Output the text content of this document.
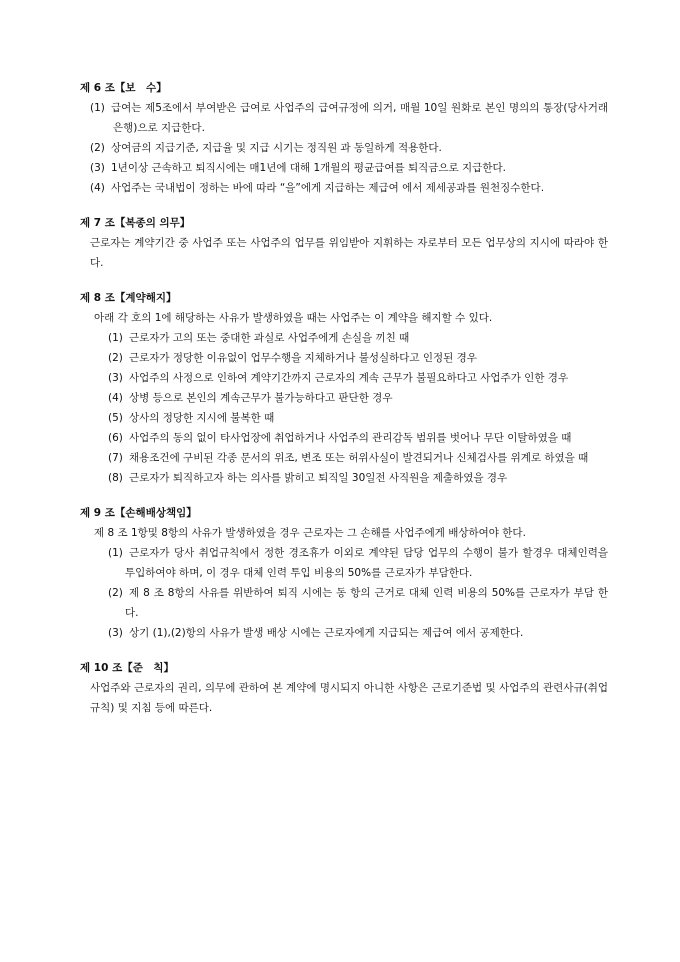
제 6 조【보　수】
(1) 급여는 제5조에서 부여받은 급여로 사업주의 급여규정에 의거, 매월 10일 원화로 본인 명의의 통장(당사거래은행)으로 지급한다.
(2) 상여금의 지급기준, 지급율 및 지급 시기는 정직원 과 동일하게 적용한다.
(3) 1년이상 근속하고 퇴직시에는 매1년에 대해 1개월의 평균급여를 퇴직금으로 지급한다.
(4) 사업주는 국내법이 정하는 바에 따라 “을”에게 지급하는 제급여 에서 제세공과를 원천징수한다.
제 7 조【복종의 의무】

근로자는 계약기간 중 사업주 또는 사업주의 업무를 위임받아 지휘하는 자로부터 모든 업무상의 지시에 따라야 한다.

제 8 조【계약해지】

아래 각 호의 1에 해당하는 사유가 발생하였을 때는 사업주는 이 계약을 해지할 수 있다.

(1) 근로자가 고의 또는 중대한 과실로 사업주에게 손실을 끼친 때
(2) 근로자가 정당한 이유없이 업무수행을 지체하거나 불성실하다고 인정된 경우
(3) 사업주의 사정으로 인하여 계약기간까지 근로자의 계속 근무가 불필요하다고 사업주가 인한 경우
(4) 상병 등으로 본인의 계속근무가 불가능하다고 판단한 경우
(5) 상사의 정당한 지시에 불복한 때
(6) 사업주의 동의 없이 타사업장에 취업하거나 사업주의 관리감독 범위를 벗어나 무단 이탈하였을 때
(7) 채용조건에 구비된 각종 문서의 위조, 변조 또는 허위사실이 발견되거나 신체검사를 위계로 하였을 때
(8) 근로자가 퇴직하고자 하는 의사를 밝히고 퇴직일 30일전 사직원을 제출하였을 경우
제 9 조【손해배상책임】

제 8 조 1항및 8항의 사유가 발생하였을 경우 근로자는 그 손해를 사업주에게 배상하여야 한다.

(1) 근로자가 당사 취업규칙에서 정한 경조휴가 이외로 계약된 담당 업무의 수행이 불가 할경우 대체인력을 투입하여야 하며, 이 경우 대체 인력 투입 비용의 50%를 근로자가 부담한다.
(2) 제 8 조 8항의 사유를 위반하여 퇴직 시에는 동 항의 근거로 대체 인력 비용의 50%를 근로자가 부담 한다.
(3) 상기 (1),(2)항의 사유가 발생 배상 시에는 근로자에게 지급되는 제급여 에서 공제한다.
제 10 조【준　칙】

사업주와 근로자의 권리, 의무에 관하여 본 계약에 명시되지 아니한 사항은 근로기준법 및 사업주의 관련사규(취업규칙) 및 지침 등에 따른다.
